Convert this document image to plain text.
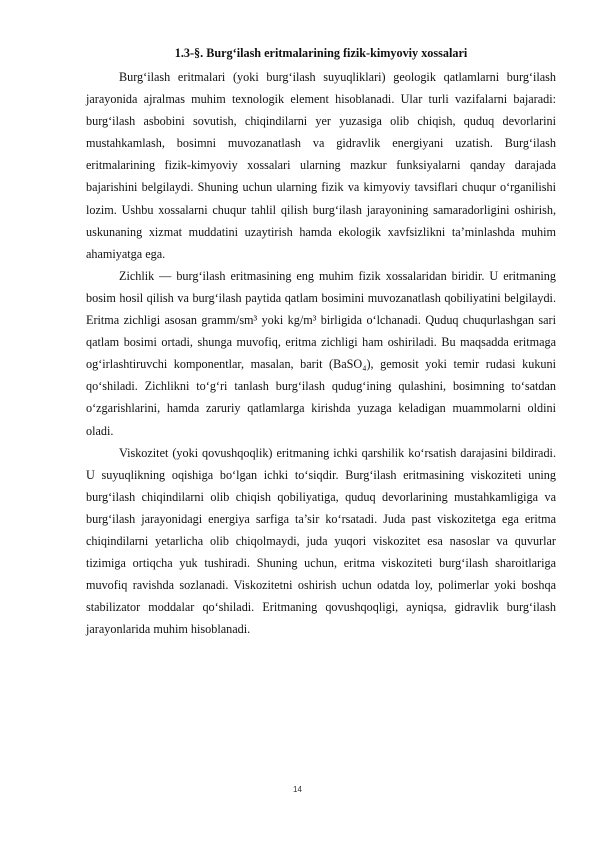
1.3-§. Burg‘ilash eritmalarining fizik-kimyoviy xossalari

Burg‘ilash eritmalari (yoki burg‘ilash suyuqliklari) geologik qatlamlarni burg‘ilash jarayonida ajralmas muhim texnologik element hisoblanadi. Ular turli vazifalarni bajaradi: burg‘ilash asbobini sovutish, chiqindilarni yer yuzasiga olib chiqish, quduq devorlarini mustahkamlash, bosimni muvozanatlash va gidravlik energiyani uzatish. Burg‘ilash eritmalarining fizik-kimyoviy xossalari ularning mazkur funksiyalarni qanday darajada bajarishini belgilaydi. Shuning uchun ularning fizik va kimyoviy tavsiflari chuqur o‘rganilishi lozim. Ushbu xossalarni chuqur tahlil qilish burg‘ilash jarayonining samaradorligini oshirish, uskunaning xizmat muddatini uzaytirish hamda ekologik xavfsizlikni ta’minlashda muhim ahamiyatga ega.

Zichlik — burg‘ilash eritmasining eng muhim fizik xossalaridan biridir. U eritmaning bosim hosil qilish va burg‘ilash paytida qatlam bosimini muvozanatlash qobiliyatini belgilaydi. Eritma zichligi asosan gramm/sm³ yoki kg/m³ birligida o‘lchanadi. Quduq chuqurlashgan sari qatlam bosimi ortadi, shunga muvofiq, eritma zichligi ham oshiriladi. Bu maqsadda eritmaga og‘irlashtiruvchi komponentlar, masalan, barit (BaSO₄), gemosit yoki temir rudasi kukuni qo‘shiladi. Zichlikni to‘g‘ri tanlash burg‘ilash qudug‘ining qulashini, bosimning to‘satdan o‘zgarishlarini, hamda zaruriy qatlamlarga kirishda yuzaga keladigan muammolarni oldini oladi.

Viskozitet (yoki qovushqoqlik) eritmaning ichki qarshilik ko‘rsatish darajasini bildiradi. U suyuqlikning oqishiga bo‘lgan ichki to‘siqdir. Burg‘ilash eritmasining viskoziteti uning burg‘ilash chiqindilarni olib chiqish qobiliyatiga, quduq devorlarining mustahkamligiga va burg‘ilash jarayonidagi energiya sarfiga ta’sir ko‘rsatadi. Juda past viskozitetga ega eritma chiqindilarni yetarlicha olib chiqolmaydi, juda yuqori viskozitet esa nasoslar va quvurlar tizimiga ortiqcha yuk tushiradi. Shuning uchun, eritma viskoziteti burg‘ilash sharoitlariga muvofiq ravishda sozlanadi. Viskozitetni oshirish uchun odatda loy, polimerlar yoki boshqa stabilizator moddalar qo‘shiladi. Eritmaning qovushqoqligi, ayniqsa, gidravlik burg‘ilash jarayonlarida muhim hisoblanadi.

14
